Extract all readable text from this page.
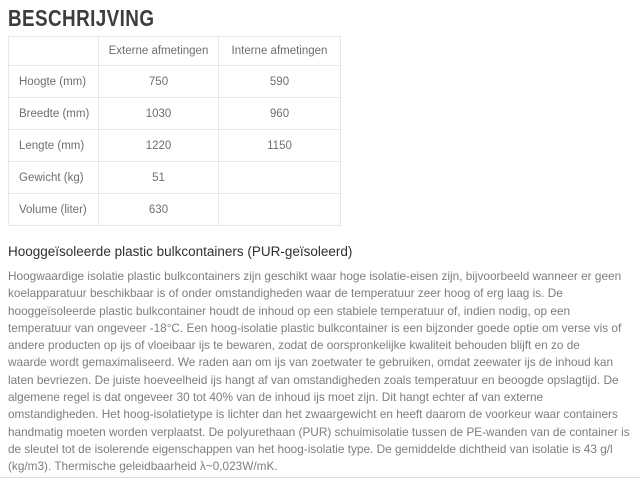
BESCHRIJVING
	Externe afmetingen	Interne afmetingen
Hoogte (mm)	750	590
Breedte (mm)	1030	960
Lengte (mm)	1220	1150
Gewicht (kg)	51	
Volume (liter)	630	
Hooggeïsoleerde plastic bulkcontainers (PUR-geïsoleerd)
Hoogwaardige isolatie plastic bulkcontainers zijn geschikt waar hoge isolatie-eisen zijn, bijvoorbeeld wanneer er geen
koelapparatuur beschikbaar is of onder omstandigheden waar de temperatuur zeer hoog of erg laag is. De
hooggeïsoleerde plastic bulkcontainer houdt de inhoud op een stabiele temperatuur of, indien nodig, op een
temperatuur van ongeveer -18°C. Een hoog-isolatie plastic bulkcontainer is een bijzonder goede optie om verse vis of
andere producten op ijs of vloeibaar ijs te bewaren, zodat de oorspronkelijke kwaliteit behouden blijft en zo de
waarde wordt gemaximaliseerd. We raden aan om ijs van zoetwater te gebruiken, omdat zeewater ijs de inhoud kan
laten bevriezen. De juiste hoeveelheid ijs hangt af van omstandigheden zoals temperatuur en beoogde opslagtijd. De
algemene regel is dat ongeveer 30 tot 40% van de inhoud ijs moet zijn. Dit hangt echter af van externe
omstandigheden. Het hoog-isolatietype is lichter dan het zwaargewicht en heeft daarom de voorkeur waar containers
handmatig moeten worden verplaatst. De polyurethaan (PUR) schuimisolatie tussen de PE-wanden van de container is
de sleutel tot de isolerende eigenschappen van het hoog-isolatie type. De gemiddelde dichtheid van isolatie is 43 g/l
(kg/m3). Thermische geleidbaarheid λ~0,023W/mK.
